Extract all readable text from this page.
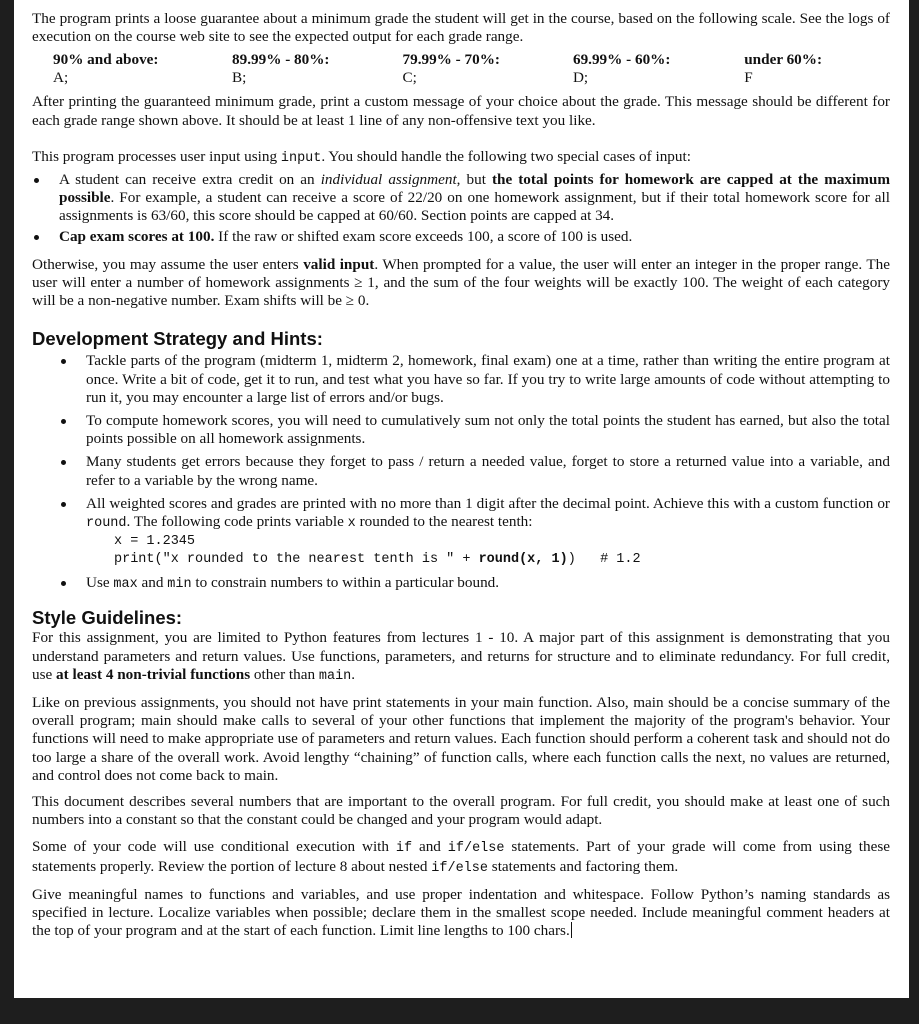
The program prints a loose guarantee about a minimum grade the student will get in the course, based on the following scale. See the logs of execution on the course web site to see the expected output for each grade range.

90% and above:  A;
89.99% - 80%:  B;
79.99% - 70%:  C;
69.99% - 60%:  D;
under 60%:  F

After printing the guaranteed minimum grade, print a custom message of your choice about the grade. This message should be different for each grade range shown above. It should be at least 1 line of any non-offensive text you like.

This program processes user input using input. You should handle the following two special cases of input:

A student can receive extra credit on an individual assignment, but the total points for homework are capped at the maximum possible. For example, a student can receive a score of 22/20 on one homework assignment, but if their total homework score for all assignments is 63/60, this score should be capped at 60/60. Section points are capped at 34.

Cap exam scores at 100. If the raw or shifted exam score exceeds 100, a score of 100 is used.

Otherwise, you may assume the user enters valid input. When prompted for a value, the user will enter an integer in the proper range. The user will enter a number of homework assignments ≥ 1, and the sum of the four weights will be exactly 100. The weight of each category will be a non-negative number. Exam shifts will be ≥ 0.

Development Strategy and Hints:

Tackle parts of the program (midterm 1, midterm 2, homework, final exam) one at a time, rather than writing the entire program at once. Write a bit of code, get it to run, and test what you have so far. If you try to write large amounts of code without attempting to run it, you may encounter a large list of errors and/or bugs.

To compute homework scores, you will need to cumulatively sum not only the total points the student has earned, but also the total points possible on all homework assignments.

Many students get errors because they forget to pass / return a needed value, forget to store a returned value into a variable, and refer to a variable by the wrong name.

All weighted scores and grades are printed with no more than 1 digit after the decimal point. Achieve this with a custom function or round. The following code prints variable x rounded to the nearest tenth:

x = 1.2345
print("x rounded to the nearest tenth is " + round(x, 1))   # 1.2

Use max and min to constrain numbers to within a particular bound.

Style Guidelines:

For this assignment, you are limited to Python features from lectures 1 - 10. A major part of this assignment is demonstrating that you understand parameters and return values. Use functions, parameters, and returns for structure and to eliminate redundancy. For full credit, use at least 4 non-trivial functions other than main.

Like on previous assignments, you should not have print statements in your main function. Also, main should be a concise summary of the overall program; main should make calls to several of your other functions that implement the majority of the program's behavior. Your functions will need to make appropriate use of parameters and return values. Each function should perform a coherent task and should not do too large a share of the overall work. Avoid lengthy “chaining” of function calls, where each function calls the next, no values are returned, and control does not come back to main.

This document describes several numbers that are important to the overall program. For full credit, you should make at least one of such numbers into a constant so that the constant could be changed and your program would adapt.

Some of your code will use conditional execution with if and if/else statements. Part of your grade will come from using these statements properly. Review the portion of lecture 8 about nested if/else statements and factoring them.

Give meaningful names to functions and variables, and use proper indentation and whitespace. Follow Python’s naming standards as specified in lecture. Localize variables when possible; declare them in the smallest scope needed. Include meaningful comment headers at the top of your program and at the start of each function. Limit line lengths to 100 chars.
